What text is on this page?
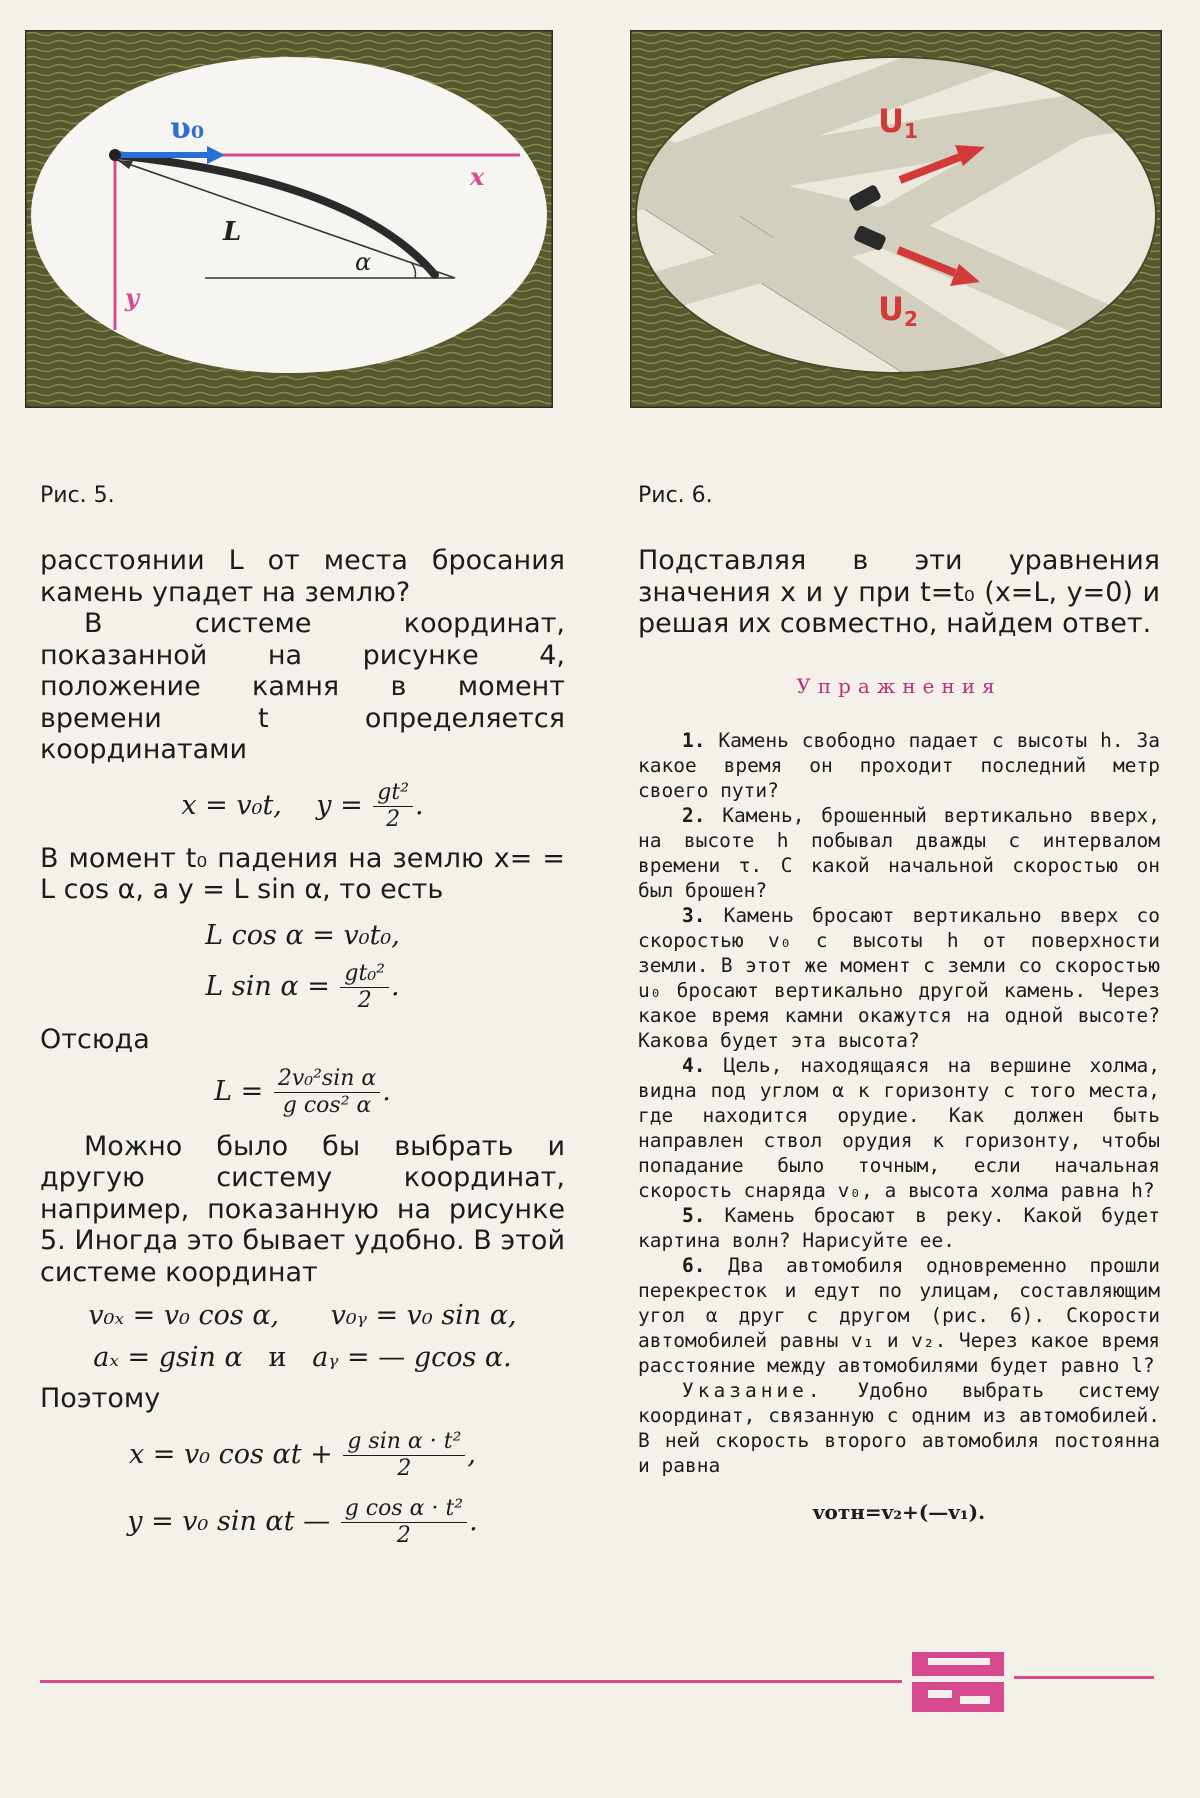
υ₀
x
y
L
α
Рис. 5.
U1
U2
Рис. 6.

расстоянии L от места бросания камень упадет на землю?

В системе координат, показанной на рисунке 4, положение камня в момент времени t определяется координатами

x = v₀t, $y = \frac{\text{gt²}}{2}$ .

В момент t₀ падения на землю x= = L cos α, а y = L sin α, то есть

L cos α = v₀t₀,
L $\sin \alpha = \frac{\text{gt₀²}}{2}$ .

Отсюда

$L = \frac{\text{2v₀²sin α}}{\text{g cos² α}}$ .

Можно было бы выбрать и другую систему координат, например, показанную на рисунке 5. Иногда это бывает удобно. В этой системе координат

v₀ₓ = v₀ cos α, v₀ᵧ = v₀ sin α,
aₓ = gsin α и aᵧ = — gcos α.

Поэтому

x = v₀ $\cos \alpha t + \frac{\text{g sin α · t²}}{2}$ ,
y = v₀ sin αt — $\frac{\text{g cos α · t²}}{2}$ .

Подставляя в эти уравнения значения x и y при t=t₀ (x=L, y=0) и решая их совместно, найдем ответ.

Упражнения

1. Камень свободно падает с высоты h. За какое время он проходит последний метр своего пути?

2. Камень, брошенный вертикально вверх, на высоте h побывал дважды с интервалом времени τ. С какой начальной скоростью он был брошен?

3. Камень бросают вертикально вверх со скоростью v₀ с высоты h от поверхности земли. В этот же момент с земли со скоростью u₀ бросают вертикально другой камень. Через какое время камни окажутся на одной высоте? Какова будет эта высота?

4. Цель, находящаяся на вершине холма, видна под углом α к горизонту с того места, где находится орудие. Как должен быть направлен ствол орудия к горизонту, чтобы попадание было точным, если начальная скорость снаряда v₀, а высота холма равна h?

5. Камень бросают в реку. Какой будет картина волн? Нарисуйте ее.

6. Два автомобиля одновременно прошли перекресток и едут по улицам, составляющим угол α друг с другом (рис. 6). Скорости автомобилей равны v₁ и v₂. Через какое время расстояние между автомобилями будет равно l?

Указание. Удобно выбрать систему координат, связанную с одним из автомобилей. В ней скорость второго автомобиля постоянна и равна

vотн=v₂+(—v₁).
